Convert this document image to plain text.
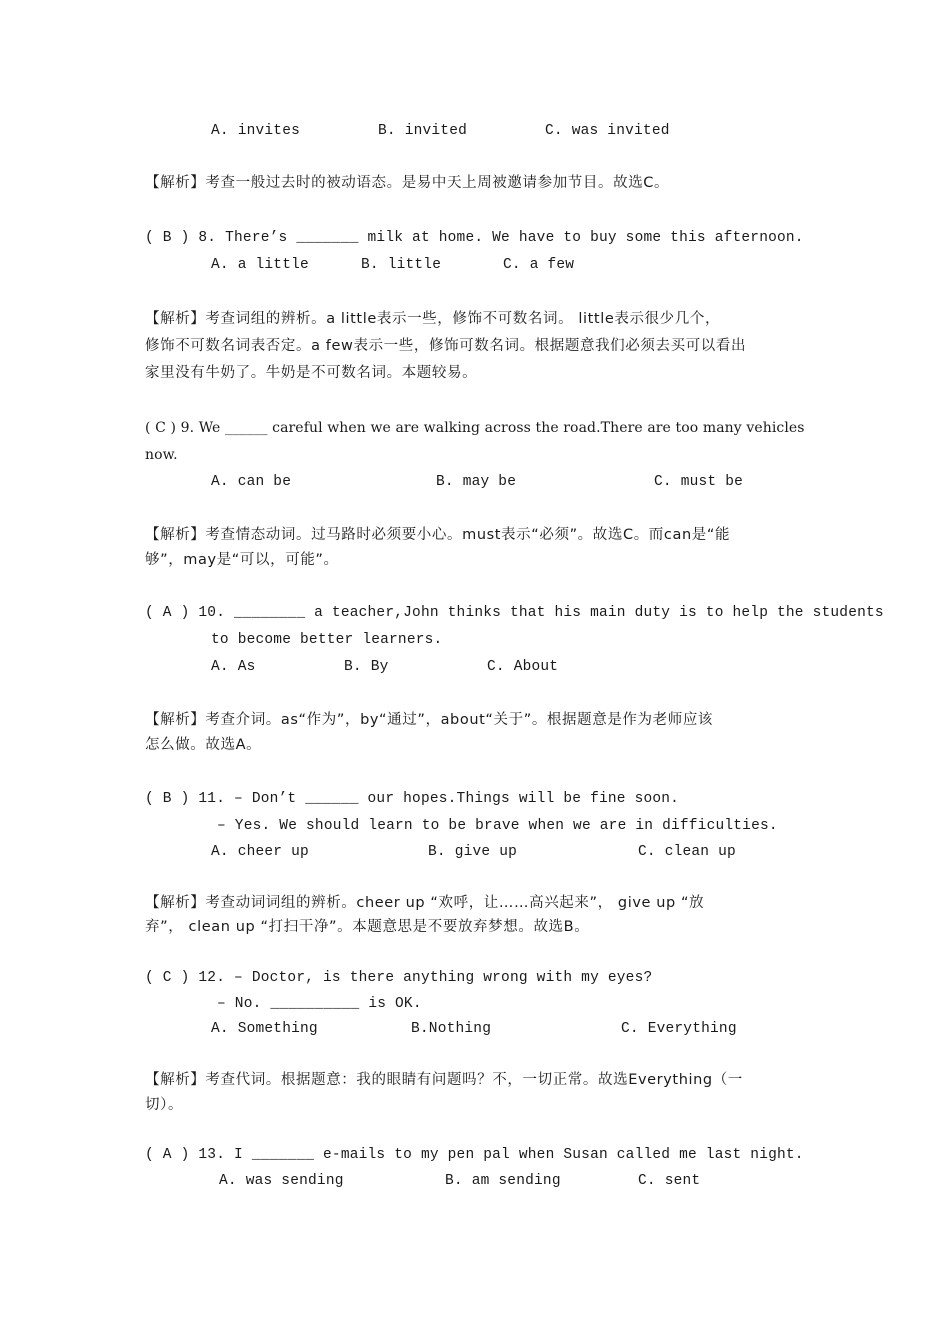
A. invites	B. invited	C. was invited
【解析】考查一般过去时的被动语态。是易中天上周被邀请参加节目。故选C。
( B ) 8. There’s _______ milk at home. We have to buy some this afternoon.
A. a little	B. little	C. a few
【解析】考查词组的辨析。a little表示一些，修饰不可数名词。 little表示很少几个，
修饰不可数名词表否定。a few表示一些，修饰可数名词。根据题意我们必须去买可以看出
家里没有牛奶了。牛奶是不可数名词。本题较易。
( C ) 9. We ______ careful when we are walking across the road.There are too many vehicles
now.
A. can be	B. may be	C. must be
【解析】考查情态动词。过马路时必须要小心。must表示“必须”。故选C。而can是“能
够”，may是“可以，可能”。
( A ) 10. ________ a teacher,John thinks that his main duty is to help the students
to become better learners.
A. As	B. By	C. About
【解析】考查介词。as“作为”，by“通过”，about“关于”。根据题意是作为老师应该
怎么做。故选A。
( B ) 11. – Don’t ______ our hopes.Things will be fine soon.
– Yes. We should learn to be brave when we are in difficulties.
A. cheer up	B. give up	C. clean up
【解析】考查动词词组的辨析。cheer up “欢呼，让……高兴起来”， give up “放
弃”， clean up “打扫干净”。本题意思是不要放弃梦想。故选B。
( C ) 12. – Doctor, is there anything wrong with my eyes?
– No. __________ is OK.
A. Something	B.Nothing	C. Everything
【解析】考查代词。根据题意：我的眼睛有问题吗？不，一切正常。故选Everything（一
切）。
( A ) 13. I _______ e-mails to my pen pal when Susan called me last night.
A. was sending	B. am sending	C. sent
